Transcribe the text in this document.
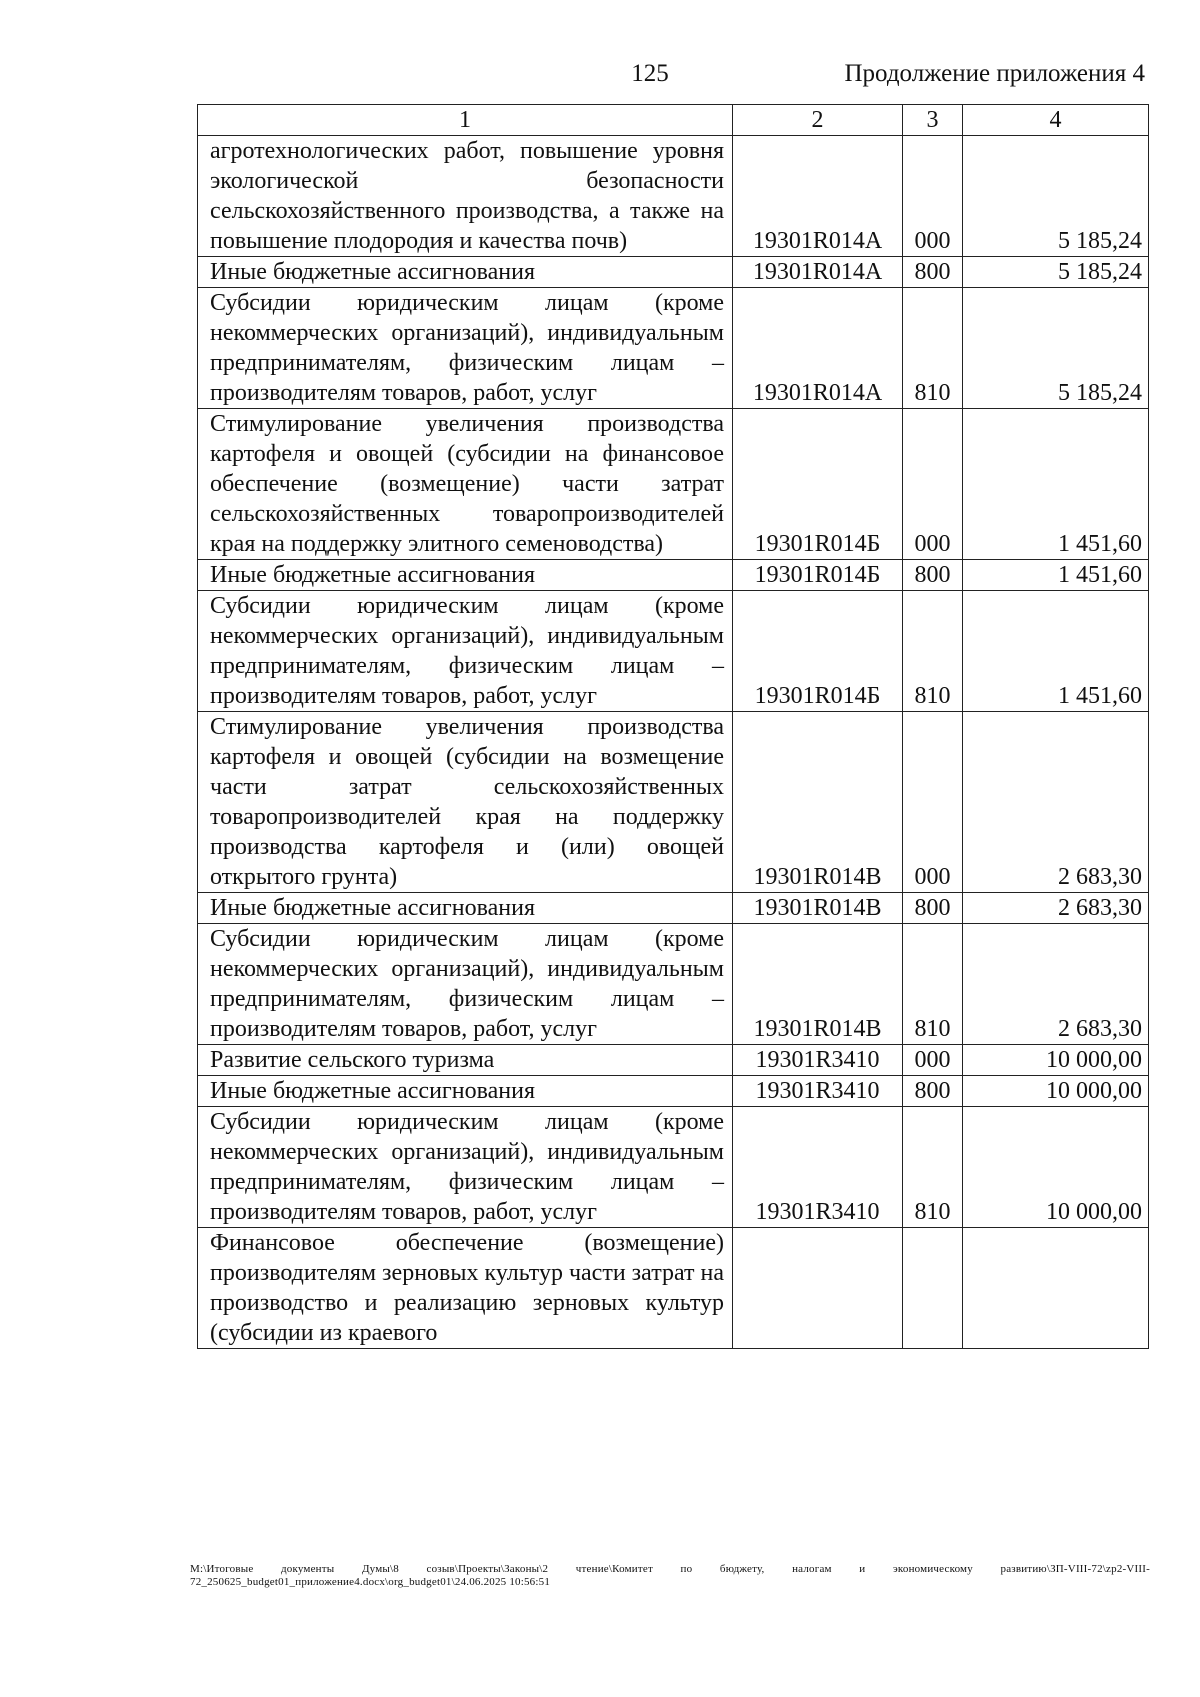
125	Продолжение приложения 4
1	2	3	4
агротехнологических работ, повышение уровня экологической безопасности сельскохозяйственного производства, а также на повышение плодородия и качества почв)	19301R014A	000	5 185,24
Иные бюджетные ассигнования	19301R014A	800	5 185,24
Субсидии юридическим лицам (кроме некоммерческих организаций), индивидуальным предпринимателям, физическим лицам – производителям товаров, работ, услуг	19301R014A	810	5 185,24
Стимулирование увеличения производства картофеля и овощей (субсидии на финансовое обеспечение (возмещение) части затрат сельскохозяйственных товаропроизводителей края на поддержку элитного семеноводства)	19301R014Б	000	1 451,60
Иные бюджетные ассигнования	19301R014Б	800	1 451,60
Субсидии юридическим лицам (кроме некоммерческих организаций), индивидуальным предпринимателям, физическим лицам – производителям товаров, работ, услуг	19301R014Б	810	1 451,60
Стимулирование увеличения производства картофеля и овощей (субсидии на возмещение части затрат сельскохозяйственных товаропроизводителей края на поддержку производства картофеля и (или) овощей открытого грунта)	19301R014В	000	2 683,30
Иные бюджетные ассигнования	19301R014В	800	2 683,30
Субсидии юридическим лицам (кроме некоммерческих организаций), индивидуальным предпринимателям, физическим лицам – производителям товаров, работ, услуг	19301R014В	810	2 683,30
Развитие сельского туризма	19301R3410	000	10 000,00
Иные бюджетные ассигнования	19301R3410	800	10 000,00
Субсидии юридическим лицам (кроме некоммерческих организаций), индивидуальным предпринимателям, физическим лицам – производителям товаров, работ, услуг	19301R3410	810	10 000,00
Финансовое обеспечение (возмещение) производителям зерновых культур части затрат на производство и реализацию зерновых культур (субсидии из краевого			
M:\Итоговые документы Думы\8 созыв\Проекты\Законы\2 чтение\Комитет по бюджету, налогам и экономическому развитию\ЗП-VIII-72\zp2-VIII-72_250625_budget01_приложение4.docx\org_budget01\24.06.2025 10:56:51
